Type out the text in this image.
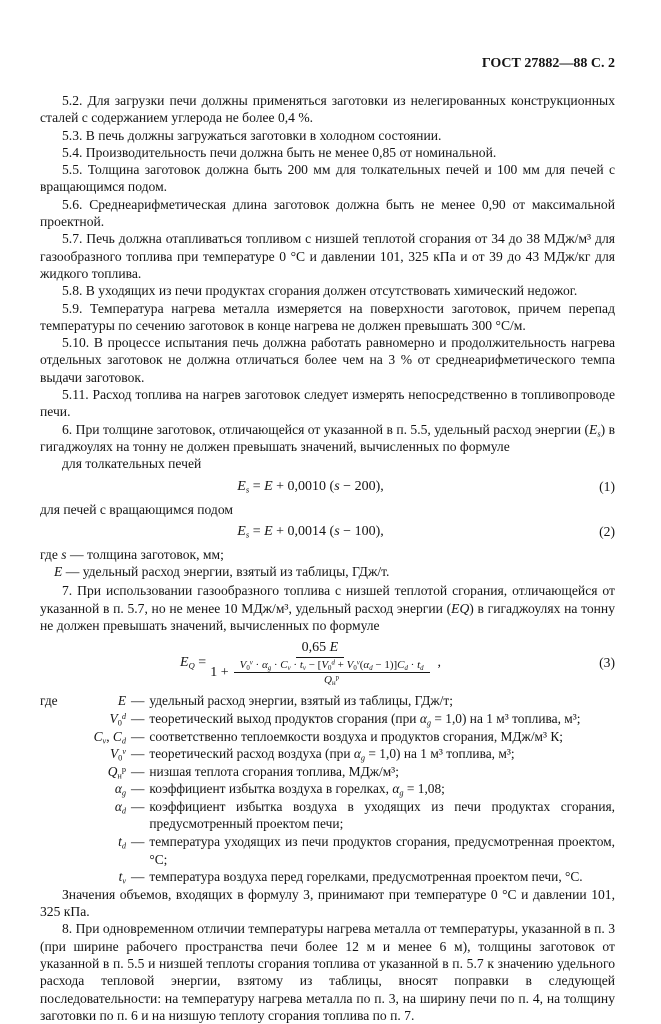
ГОСТ 27882—88 С. 2

5.2. Для загрузки печи должны применяться заготовки из нелегированных конструкционных сталей с содержанием углерода не более 0,4 %.

5.3. В печь должны загружаться заготовки в холодном состоянии.

5.4. Производительность печи должна быть не менее 0,85 от номинальной.

5.5. Толщина заготовок должна быть 200 мм для толкательных печей и 100 мм для печей с вращающимся подом.

5.6. Среднеарифметическая длина заготовок должна быть не менее 0,90 от максимальной проектной.

5.7. Печь должна отапливаться топливом с низшей теплотой сгорания от 34 до 38 МДж/м³ для газообразного топлива при температуре 0 °С и давлении 101, 325 кПа и от 39 до 43 МДж/кг для жидкого топлива.

5.8. В уходящих из печи продуктах сгорания должен отсутствовать химический недожог.

5.9. Температура нагрева металла измеряется на поверхности заготовок, причем перепад температуры по сечению заготовок в конце нагрева не должен превышать 300 °С/м.

5.10. В процессе испытания печь должна работать равномерно и продолжительность нагрева отдельных заготовок не должна отличаться более чем на 3 % от среднеарифметического темпа выдачи заготовок.

5.11. Расход топлива на нагрев заготовок следует измерять непосредственно в топливопроводе печи.

6. При толщине заготовок, отличающейся от указанной в п. 5.5, удельный расход энергии $(E_s)$ в гигаджоулях на тонну не должен превышать значений, вычисленных по формуле

для толкательных печей

$E_s = E + 0,0010$ (s − 200),	(1)

для печей с вращающимся подом

$E_s = E + 0,0014$ (s − 100),	(2)

где s — толщина заготовок, мм;

E — удельный расход энергии, взятый из таблицы, ГДж/т.

7. При использовании газообразного топлива с низшей теплотой сгорания, отличающейся от указанной в п. 5.7, но не менее 10 МДж/м³, удельный расход энергии (EQ) в гигаджоулях на тонну не должен превышать значений, вычисленных по формуле

$E_Q$ =
0,65 E
$1 + \frac{V_0^v \cdot \alpha_g \cdot C_v \cdot t_v - [V_0^d + V_0^v(\alpha_d - 1)]C_d \cdot t_d}{Q_н^р}$ ,	(3)
где	E — удельный расход энергии, взятый из таблицы, ГДж/т;
$V_0^d$ — теоретический выход продуктов сгорания (при $\alpha_g = 1,0$) на 1 м³ топлива, м³;
$C_v$, $C_d$ — соответственно теплоемкости воздуха и продуктов сгорания, МДж/м³ К;
$V_0^v$ — теоретический расход воздуха (при $\alpha_g = 1,0$) на 1 м³ топлива, м³;
$Q_н^р$ — низшая теплота сгорания топлива, МДж/м³;
$\alpha_g$ — коэффициент избытка воздуха в горелках, $\alpha_g = 1,08$;
$\alpha_d$ — коэффициент избытка воздуха в уходящих из печи продуктах сгорания, предусмотренный проектом печи;
$t_d$ — температура уходящих из печи продуктов сгорания, предусмотренная проектом, °С;
$t_v$ — температура воздуха перед горелками, предусмотренная проектом печи, °С.

Значения объемов, входящих в формулу 3, принимают при температуре 0 °С и давлении 101, 325 кПа.

8. При одновременном отличии температуры нагрева металла от температуры, указанной в п. 3 (при ширине рабочего пространства печи более 12 м и менее 6 м), толщины заготовок от указанной в п. 5.5 и низшей теплоты сгорания топлива от указанной в п. 5.7 к значению удельного расхода тепловой энергии, взятому из таблицы, вносят поправки в следующей последовательности: на температуру нагрева металла по п. 3, на ширину печи по п. 4, на толщину заготовки по п. 6 и на низшую теплоту сгорания топлива по п. 7.
